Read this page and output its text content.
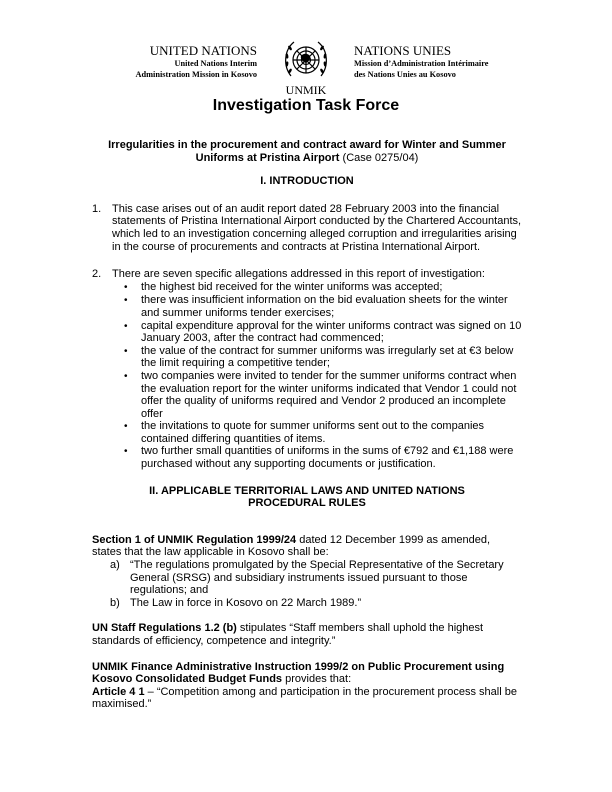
UNITED NATIONS
United Nations Interim
Administration Mission in Kosovo
NATIONS UNIES
Mission d’Administration Intérimaire
des Nations Unies au Kosovo
UNMIK
Investigation Task Force

Irregularities in the procurement and contract award for Winter and Summer Uniforms at Pristina Airport (Case 0275/04)

I. INTRODUCTION

1. This case arises out of an audit report dated 28 February 2003 into the financial statements of Pristina International Airport conducted by the Chartered Accountants, which led to an investigation concerning alleged corruption and irregularities arising in the course of procurements and contracts at Pristina International Airport.
2. There are seven specific allegations addressed in this report of investigation:
•
the highest bid received for the winter uniforms was accepted;
•
there was insufficient information on the bid evaluation sheets for the winter and summer uniforms tender exercises;
•
capital expenditure approval for the winter uniforms contract was signed on 10 January 2003, after the contract had commenced;
•
the value of the contract for summer uniforms was irregularly set at €3 below the limit requiring a competitive tender;
•
two companies were invited to tender for the summer uniforms contract when the evaluation report for the winter uniforms indicated that Vendor 1 could not offer the quality of uniforms required and Vendor 2 produced an incomplete offer
•
the invitations to quote for summer uniforms sent out to the companies contained differing quantities of items.
•
two further small quantities of uniforms in the sums of €792 and €1,188 were purchased without any supporting documents or justification.
II. APPLICABLE TERRITORIAL LAWS AND UNITED NATIONS
PROCEDURAL RULES

Section 1 of UNMIK Regulation 1999/24 dated 12 December 1999 as amended, states that the law applicable in Kosovo shall be:

a) “The regulations promulgated by the Special Representative of the Secretary General (SRSG) and subsidiary instruments issued pursuant to those regulations; and
b) The Law in force in Kosovo on 22 March 1989.”

UN Staff Regulations 1.2 (b) stipulates “Staff members shall uphold the highest standards of efficiency, competence and integrity.”

UNMIK Finance Administrative Instruction 1999/2 on Public Procurement using Kosovo Consolidated Budget Funds provides that:

Article 4 1 – “Competition among and participation in the procurement process shall be maximised.”
